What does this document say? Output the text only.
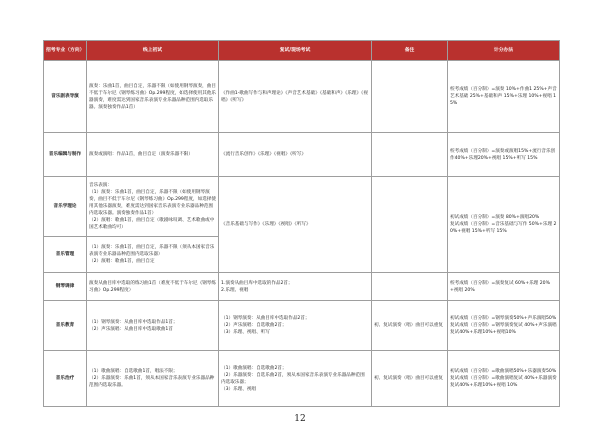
招考专业（方向）	线上初试	复试/现场考试	备注	计分办法
音乐剧表导演	演奏：乐曲1首，曲目自定，乐器不限（如使用钢琴演奏，曲目不低于车尔尼《钢琴练习曲》Op.299程度，如选择使用其他乐器演奏，难度需达到国家音乐表演专业乐器品种范围内选取乐器。演奏独奏作品1首）	《作曲1-歌曲写作与和声理论》《声音艺术基础》《基础和声》《乐理》《视唱》《听写》		校考成绩（百分制）=演奏 10%+作曲1 25%+声音艺术基础 25%+基础和声 15%+乐理 10%+视唱 15%
音乐编辑与制作	演奏或演唱：作品1首，曲目自定（演奏乐器不限）	《流行音乐创作》《乐理》《视唱》《听写》		校考成绩（百分制）=演奏或演唱15%+流行音乐创作40%+乐理20%+视唱 15%+听写 15%
音乐学理论	音乐表演：
（1）演奏：乐曲1首，曲目自定，乐器不限（如使用钢琴演奏，曲目不低于车尔尼《钢琴练习曲》Op.299程度，如选择使用其他乐器演奏，难度需达到国家音乐表演专业乐器品种范围内选取乐器。演奏独奏作品1首）
（2）演唱：歌曲1首，曲目自定（歌剧咏叹调、艺术歌曲或中国艺术歌曲均可）	《音乐基础与写作》《乐理》《视唱》《听写》		初试成绩（百分制）=演奏 80%+演唱20%
复试成绩（百分制）=音乐基础与写作 50%+乐理 20%+视唱 15%+听写 15%
音乐管理	（1）演奏：乐曲1首，曲目自定，乐器不限（须从本国家音乐表演专业乐器品种范围内选取乐器）
（2）演唱：歌曲1首，曲目自定			
钢琴调律	演奏从曲目库中选取的练习曲1首（难度不低于车尔尼《钢琴练习曲》Op.299程度）	1.演奏从曲目库中选取的作品2首；
2.乐理、视唱		校考成绩（百分制）=演奏复试 60%+乐理 20%+视唱 20%
音乐教育	（1）钢琴演奏：从曲目库中选取作品1首；
（2）声乐演唱：从曲目库中选取歌曲1首	（1）钢琴演奏：从曲目库中选取作品2首；
（2）声乐演唱：自选歌曲2首；
（3）乐理、视唱、听写	初、复试演奏（唱）曲目可以重复	初试成绩（百分制）=钢琴演奏50%+声乐演唱50%
复试成绩（百分制）=钢琴演奏复试 40%+声乐演唱复试40%+乐理10%+视唱10%
音乐治疗	（1）歌曲演唱：自选歌曲1首，唱法不限；
（2）乐器演奏：乐曲1首，须从本国家音乐表演专业乐器品种范围内选取乐器。	（1）歌曲演唱：自选歌曲2首；
（2）乐器演奏：自选乐曲2首，须从本国家音乐表演专业乐器品种范围内选取乐器；
（3）乐理、视唱	初、复试演奏（唱）曲目可以重复	初试成绩（百分制）=歌曲演唱50%+乐器演奏50%
复试成绩（百分制）=歌曲演唱复试 40%+乐器演奏复试40%+乐理10%+视唱 10%
12
